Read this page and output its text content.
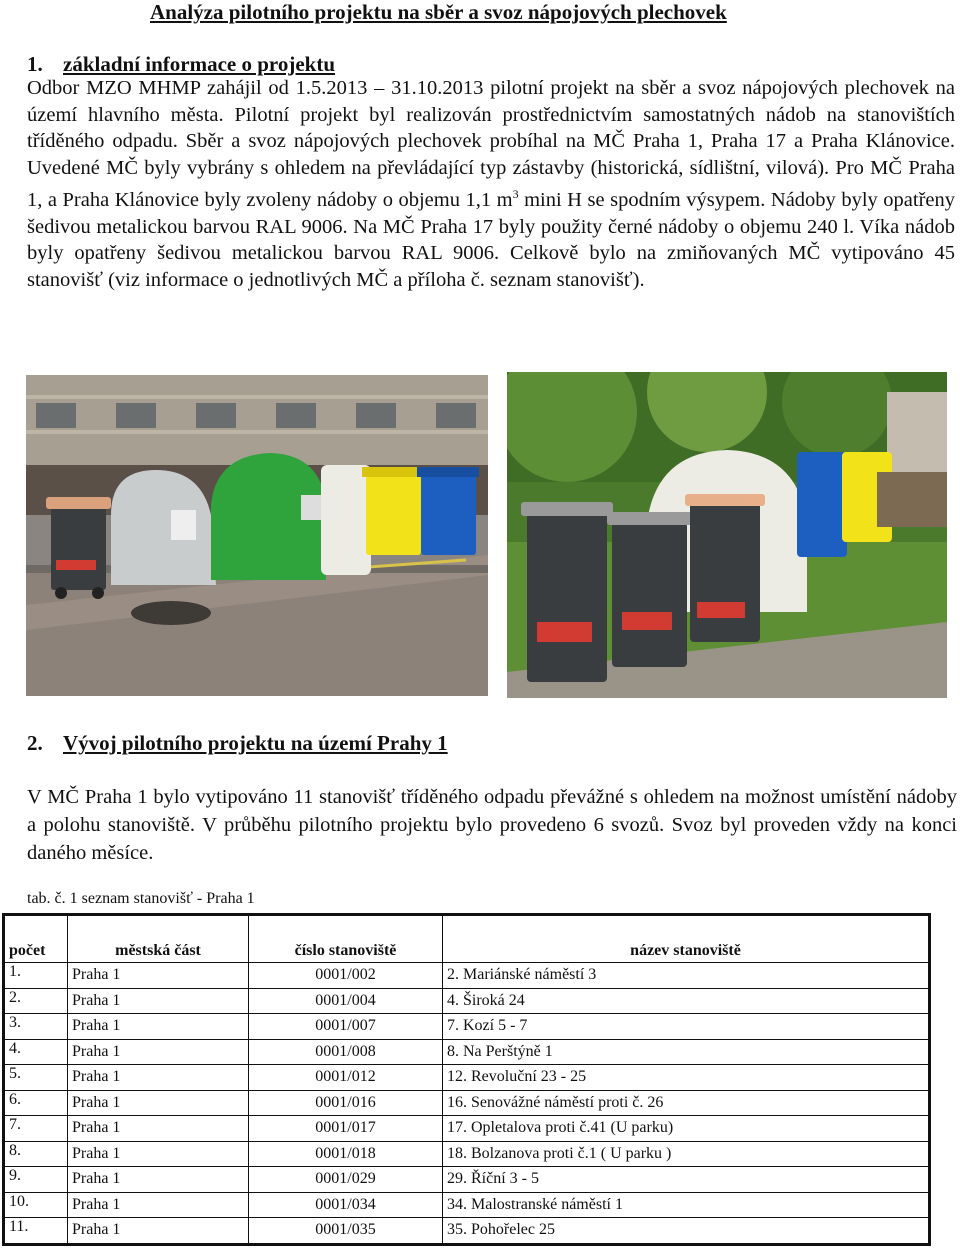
Analýza pilotního projektu na sběr a svoz nápojových plechovek
1. základní informace o projektu

Odbor MZO MHMP zahájil od 1.5.2013 – 31.10.2013 pilotní projekt na sběr a svoz nápojových plechovek na území hlavního města. Pilotní projekt byl realizován prostřednictvím samostatných nádob na stanovištích tříděného odpadu. Sběr a svoz nápojových plechovek probíhal na MČ Praha 1, Praha 17 a Praha Klánovice. Uvedené MČ byly vybrány s ohledem na převládající typ zástavby (historická, sídlištní, vilová). Pro MČ Praha 1, a Praha Klánovice byly zvoleny nádoby o objemu 1,1 $m^3$ mini H se spodním výsypem. Nádoby byly opatřeny šedivou metalickou barvou RAL 9006. Na MČ Praha 17 byly použity černé nádoby o objemu 240 l. Víka nádob byly opatřeny šedivou metalickou barvou RAL 9006. Celkově bylo na zmiňovaných MČ vytipováno 45 stanovišť (viz informace o jednotlivých MČ a příloha č. seznam stanovišť).

2. Vývoj pilotního projektu na území Prahy 1

V MČ Praha 1 bylo vytipováno 11 stanovišť tříděného odpadu převážné s ohledem na možnost umístění nádoby a polohu stanoviště. V průběhu pilotního projektu bylo provedeno 6 svozů. Svoz byl proveden vždy na konci daného měsíce.

tab. č. 1 seznam stanovišť - Praha 1
počet	městská část	číslo stanoviště	název stanoviště
1.	Praha 1	0001/002	2. Mariánské náměstí 3
2.	Praha 1	0001/004	4. Široká 24
3.	Praha 1	0001/007	7. Kozí 5 - 7
4.	Praha 1	0001/008	8. Na Perštýně 1
5.	Praha 1	0001/012	12. Revoluční 23 - 25
6.	Praha 1	0001/016	16. Senovážné náměstí proti č. 26
7.	Praha 1	0001/017	17. Opletalova proti č.41 (U parku)
8.	Praha 1	0001/018	18. Bolzanova proti č.1 ( U parku )
9.	Praha 1	0001/029	29. Říční 3 - 5
10.	Praha 1	0001/034	34. Malostranské náměstí 1
11.	Praha 1	0001/035	35. Pohořelec 25
